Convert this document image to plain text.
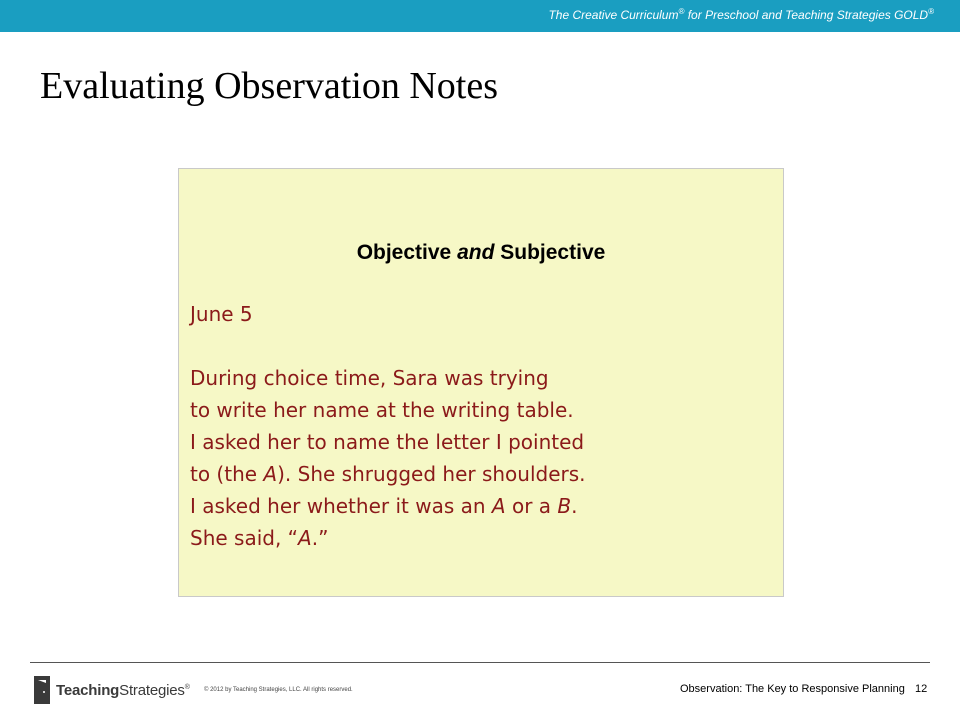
The Creative Curriculum® for Preschool and Teaching Strategies GOLD®
Evaluating Observation Notes
Objective and Subjective

June 5

During choice time, Sara was trying

to write her name at the writing table.

I asked her to name the letter I pointed

to (the A). She shrugged her shoulders.

I asked her whether it was an A or a B.

She said, “A.”

TeachingStrategies® © 2012 by Teaching Strategies, LLC. All rights reserved.	Observation: The Key to Responsive Planning 12
